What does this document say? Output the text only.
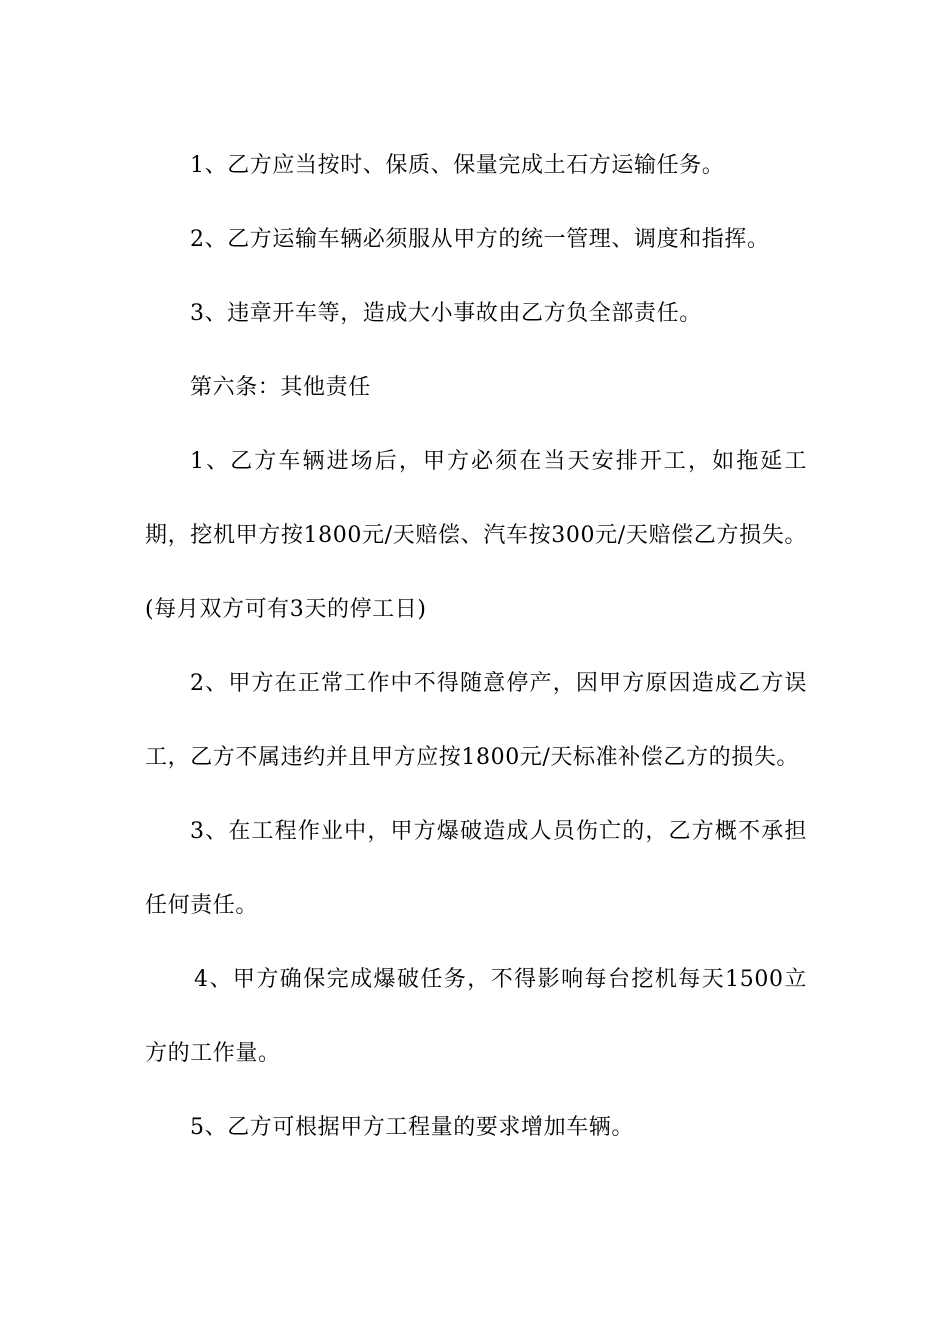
1、乙方应当按时、保质、保量完成土石方运输任务。

2、乙方运输车辆必须服从甲方的统一管理、调度和指挥。

3、违章开车等，造成大小事故由乙方负全部责任。

第六条：其他责任

1、乙方车辆进场后，甲方必须在当天安排开工，如拖延工期，挖机甲方按1800元/天赔偿、汽车按300元/天赔偿乙方损失。(每月双方可有3天的停工日)

2、甲方在正常工作中不得随意停产，因甲方原因造成乙方误工，乙方不属违约并且甲方应按1800元/天标准补偿乙方的损失。

3、在工程作业中，甲方爆破造成人员伤亡的，乙方概不承担任何责任。

4、甲方确保完成爆破任务，不得影响每台挖机每天1500立方的工作量。

5、乙方可根据甲方工程量的要求增加车辆。
